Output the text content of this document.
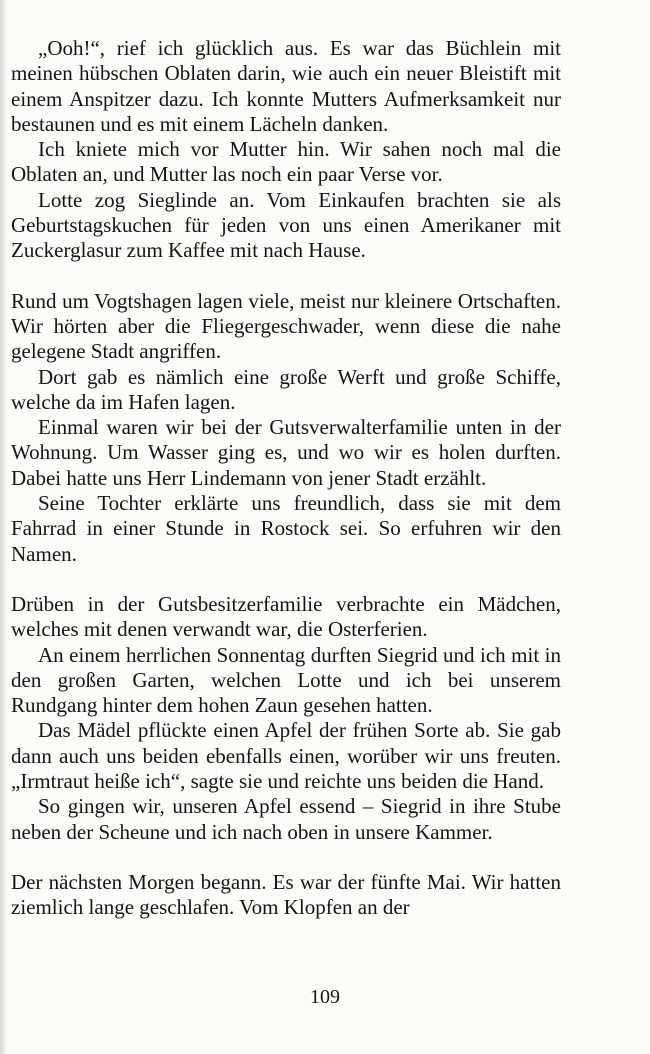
„Ooh!“, rief ich glücklich aus. Es war das Büchlein mit meinen hübschen Oblaten darin, wie auch ein neuer Bleistift mit einem Anspitzer dazu. Ich konnte Mutters Aufmerksamkeit nur bestaunen und es mit einem Lächeln danken.

Ich kniete mich vor Mutter hin. Wir sahen noch mal die Oblaten an, und Mutter las noch ein paar Verse vor.

Lotte zog Sieglinde an. Vom Einkaufen brachten sie als Geburtstagskuchen für jeden von uns einen Amerikaner mit Zuckerglasur zum Kaffee mit nach Hause.

Rund um Vogtshagen lagen viele, meist nur kleinere Ortschaften. Wir hörten aber die Fliegergeschwader, wenn diese die nahe gelegene Stadt angriffen.

Dort gab es nämlich eine große Werft und große Schiffe, welche da im Hafen lagen.

Einmal waren wir bei der Gutsverwalterfamilie unten in der Wohnung. Um Wasser ging es, und wo wir es holen durften. Dabei hatte uns Herr Lindemann von jener Stadt erzählt.

Seine Tochter erklärte uns freundlich, dass sie mit dem Fahrrad in einer Stunde in Rostock sei. So erfuhren wir den Namen.

Drüben in der Gutsbesitzerfamilie verbrachte ein Mädchen, welches mit denen verwandt war, die Osterferien.

An einem herrlichen Sonnentag durften Siegrid und ich mit in den großen Garten, welchen Lotte und ich bei unserem Rundgang hinter dem hohen Zaun gesehen hatten.

Das Mädel pflückte einen Apfel der frühen Sorte ab. Sie gab dann auch uns beiden ebenfalls einen, worüber wir uns freuten. „Irmtraut heiße ich“, sagte sie und reichte uns beiden die Hand.

So gingen wir, unseren Apfel essend – Siegrid in ihre Stube neben der Scheune und ich nach oben in unsere Kammer.

Der nächsten Morgen begann. Es war der fünfte Mai. Wir hatten ziemlich lange geschlafen. Vom Klopfen an der

109
